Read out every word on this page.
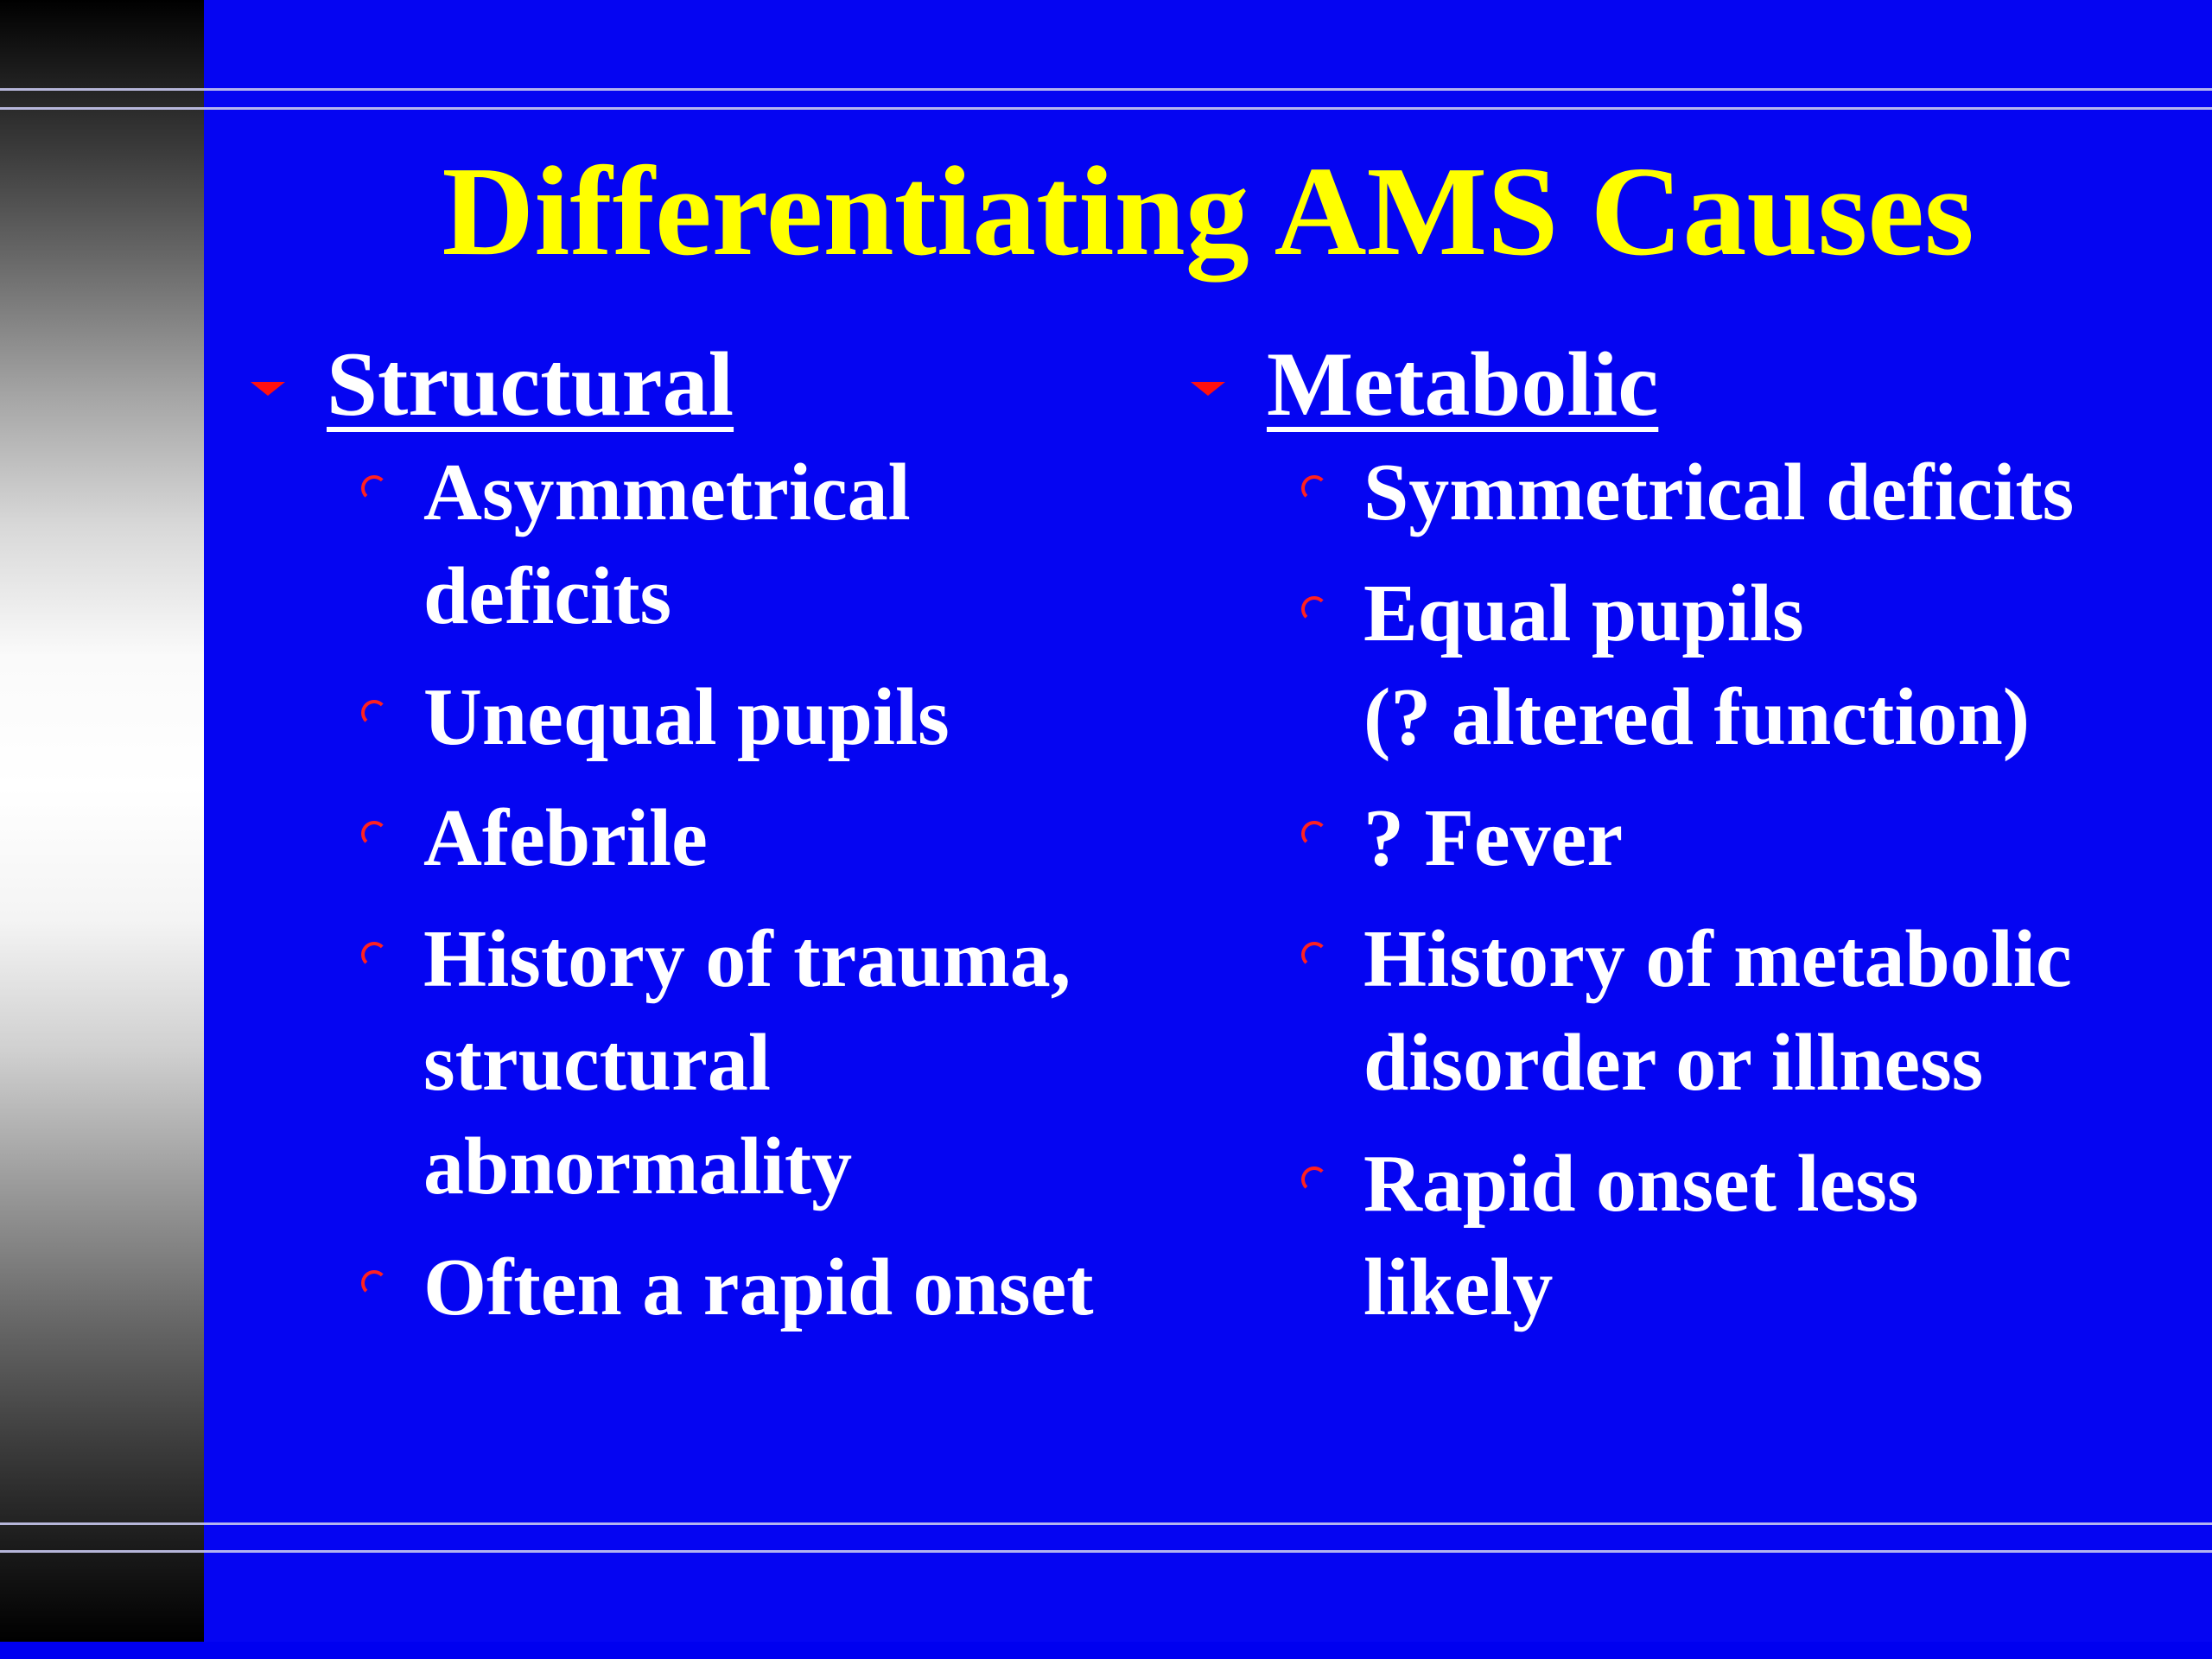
Differentiating AMS Causes
Structural
Asymmetrical
deficits
Unequal pupils
Afebrile
History of trauma,
structural
abnormality
Often a rapid onset
Metabolic
Symmetrical deficits
Equal pupils
(? altered function)
? Fever
History of metabolic
disorder or illness
Rapid onset less
likely
